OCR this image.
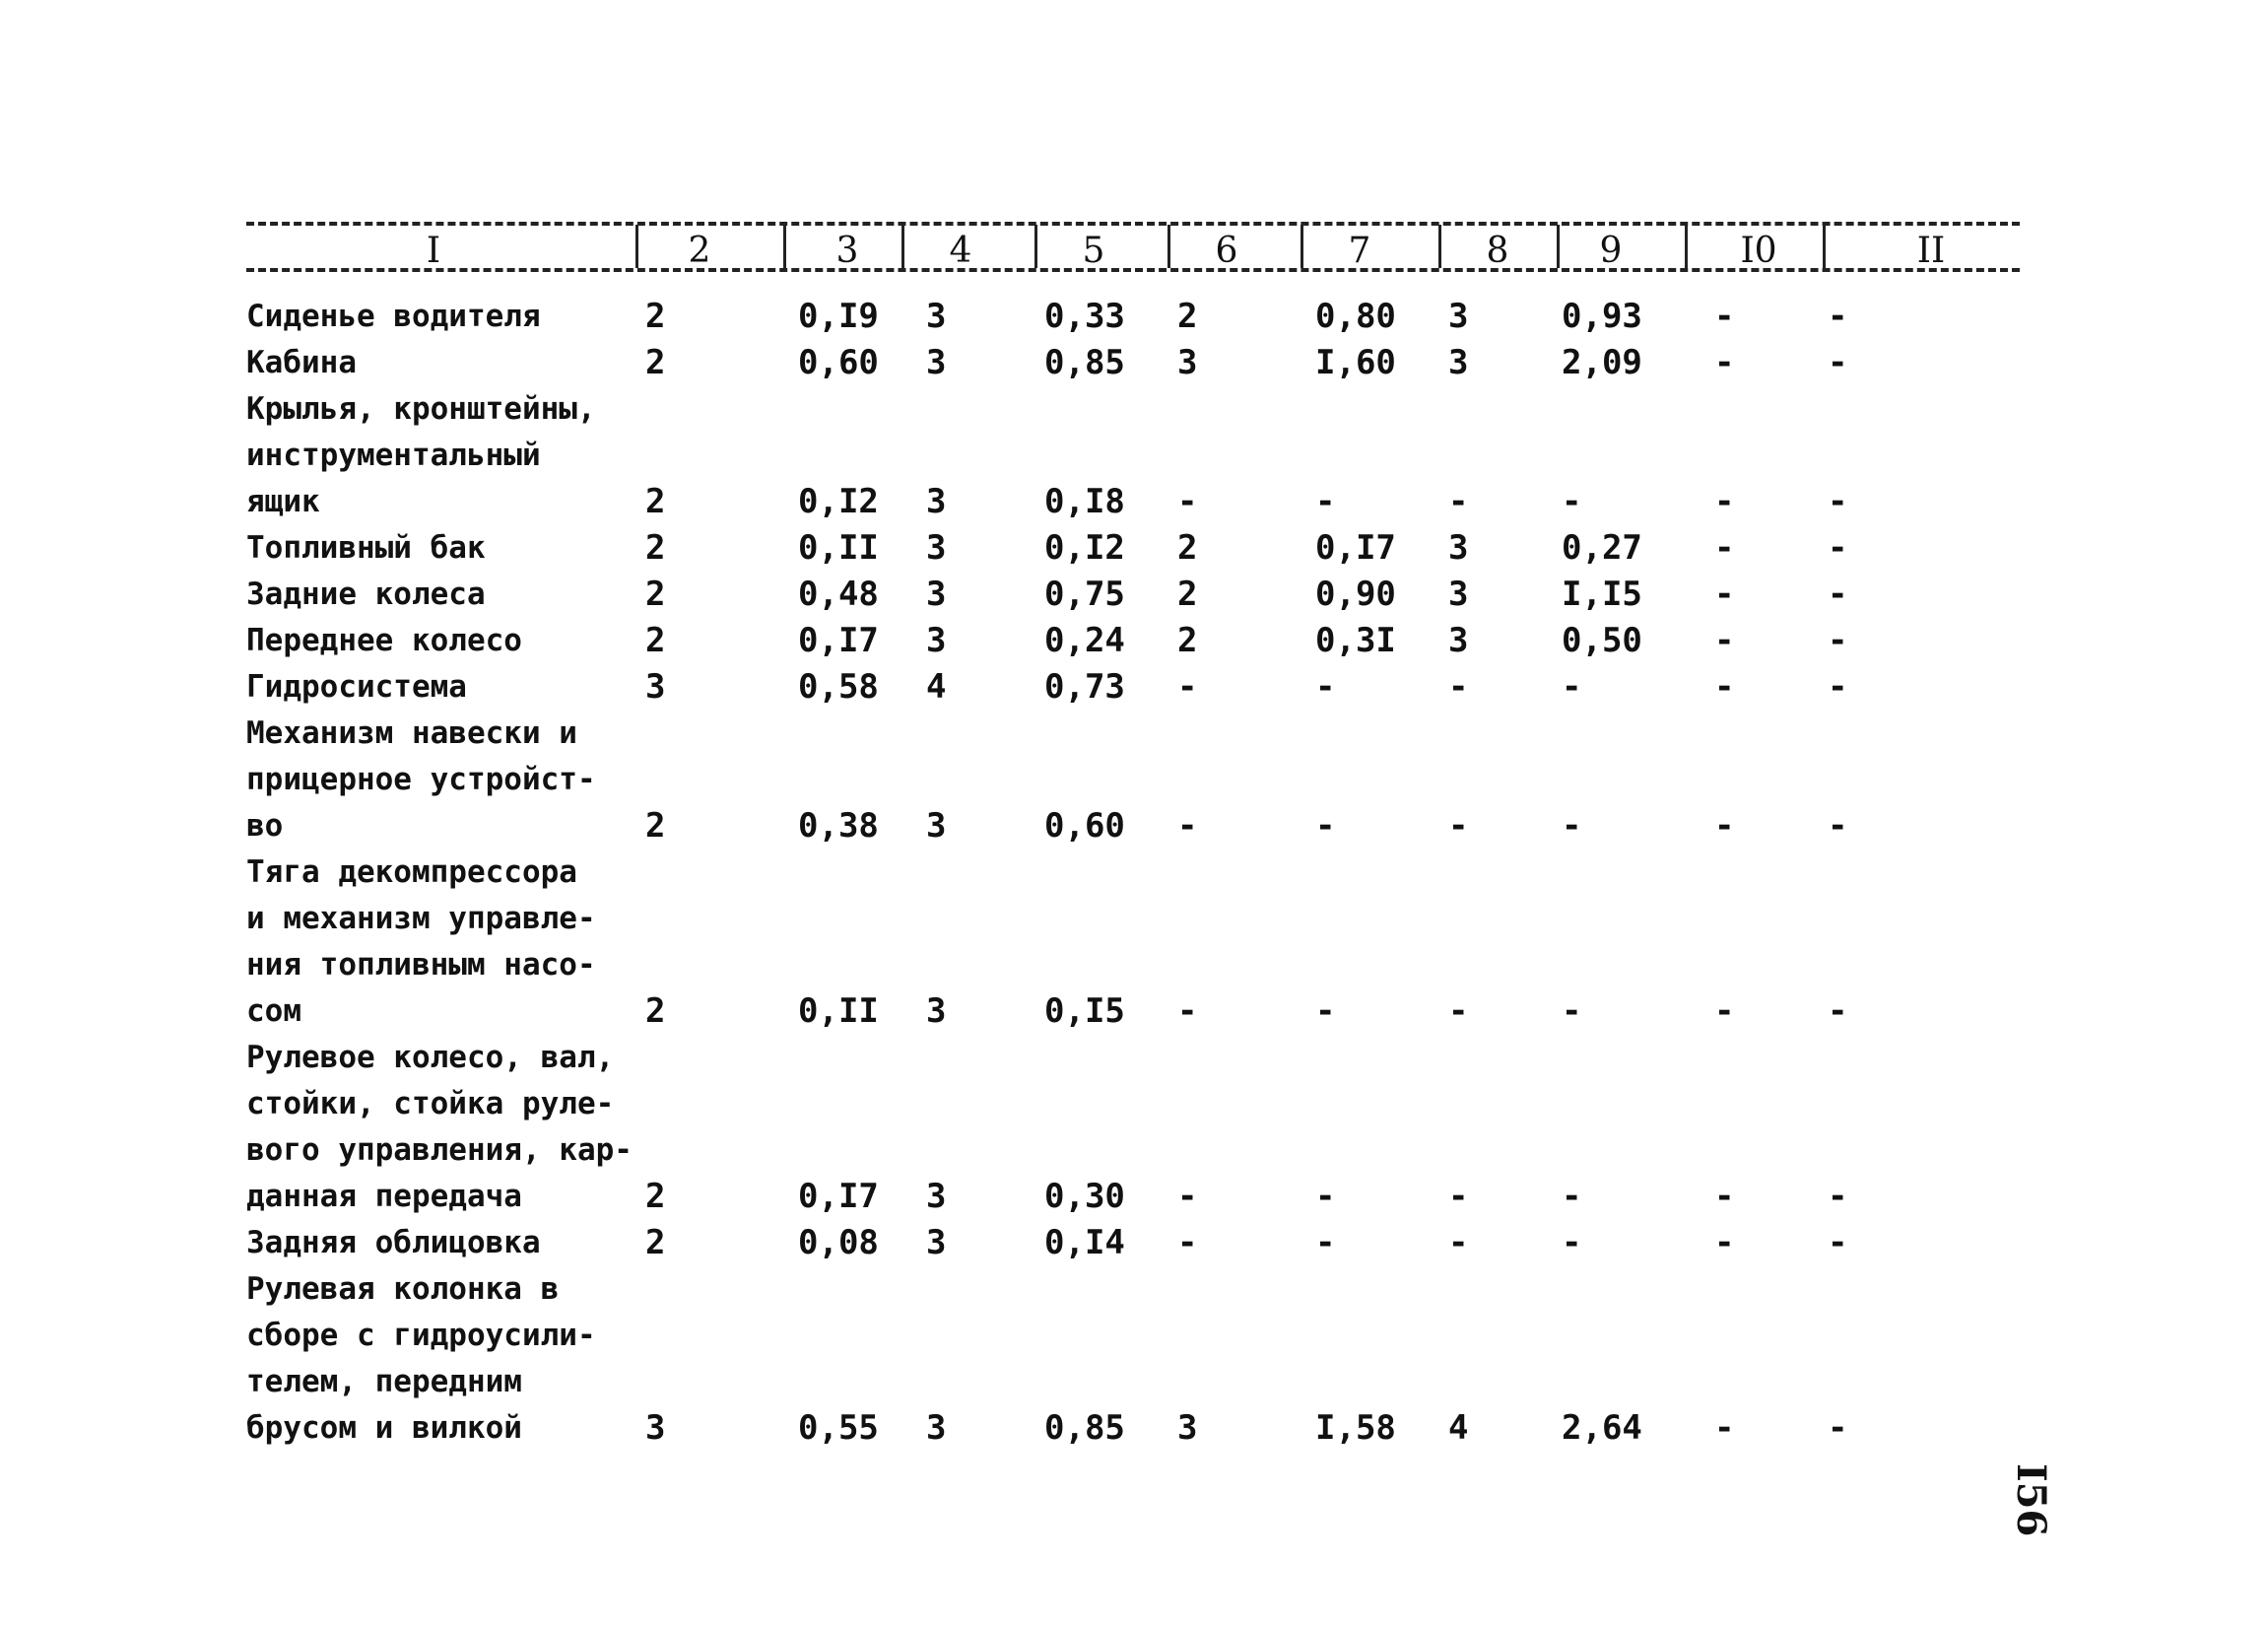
I	2	3	4	5	6	7	8	9	I0	II
Сиденье водителя	2	0,I9 3	0,33 2	0,80 3	0,93 -	-
Кабина	2	0,60 3	0,85 3	I,60 3	2,09 -	-
Крылья, кронштейны,
инструментальный
ящик	2	0,I2 3	0,I8 -	-	-	-	-	-
Топливный бак	2	0,II 3	0,I2 2	0,I7 3	0,27 -	-
Задние колеса	2	0,48 3	0,75 2	0,90 3	I,I5 -	-
Переднее колесо	2	0,I7 3	0,24 2	0,3I 3	0,50 -	-
Гидросистема	3	0,58 4	0,73 -	-	-	-	-	-
Механизм навески и
прицерное устройст-
во	2	0,38 3	0,60 -	-	-	-	-	-
Тяга декомпрессора
и механизм управле-
ния топливным насо-
сом	2	0,II 3	0,I5 -	-	-	-	-	-
Рулевое колесо, вал,
стойки, стойка руле-
вого управления, кар-
данная передача	2	0,I7 3	0,30 -	-	-	-	-	-
Задняя облицовка	2	0,08 3	0,I4 -	-	-	-	-	-
Рулевая колонка в
сборе с гидроусили-
телем, передним
брусом и вилкой	3	0,55 3	0,85 3	I,58 4	2,64 -	-
I56
